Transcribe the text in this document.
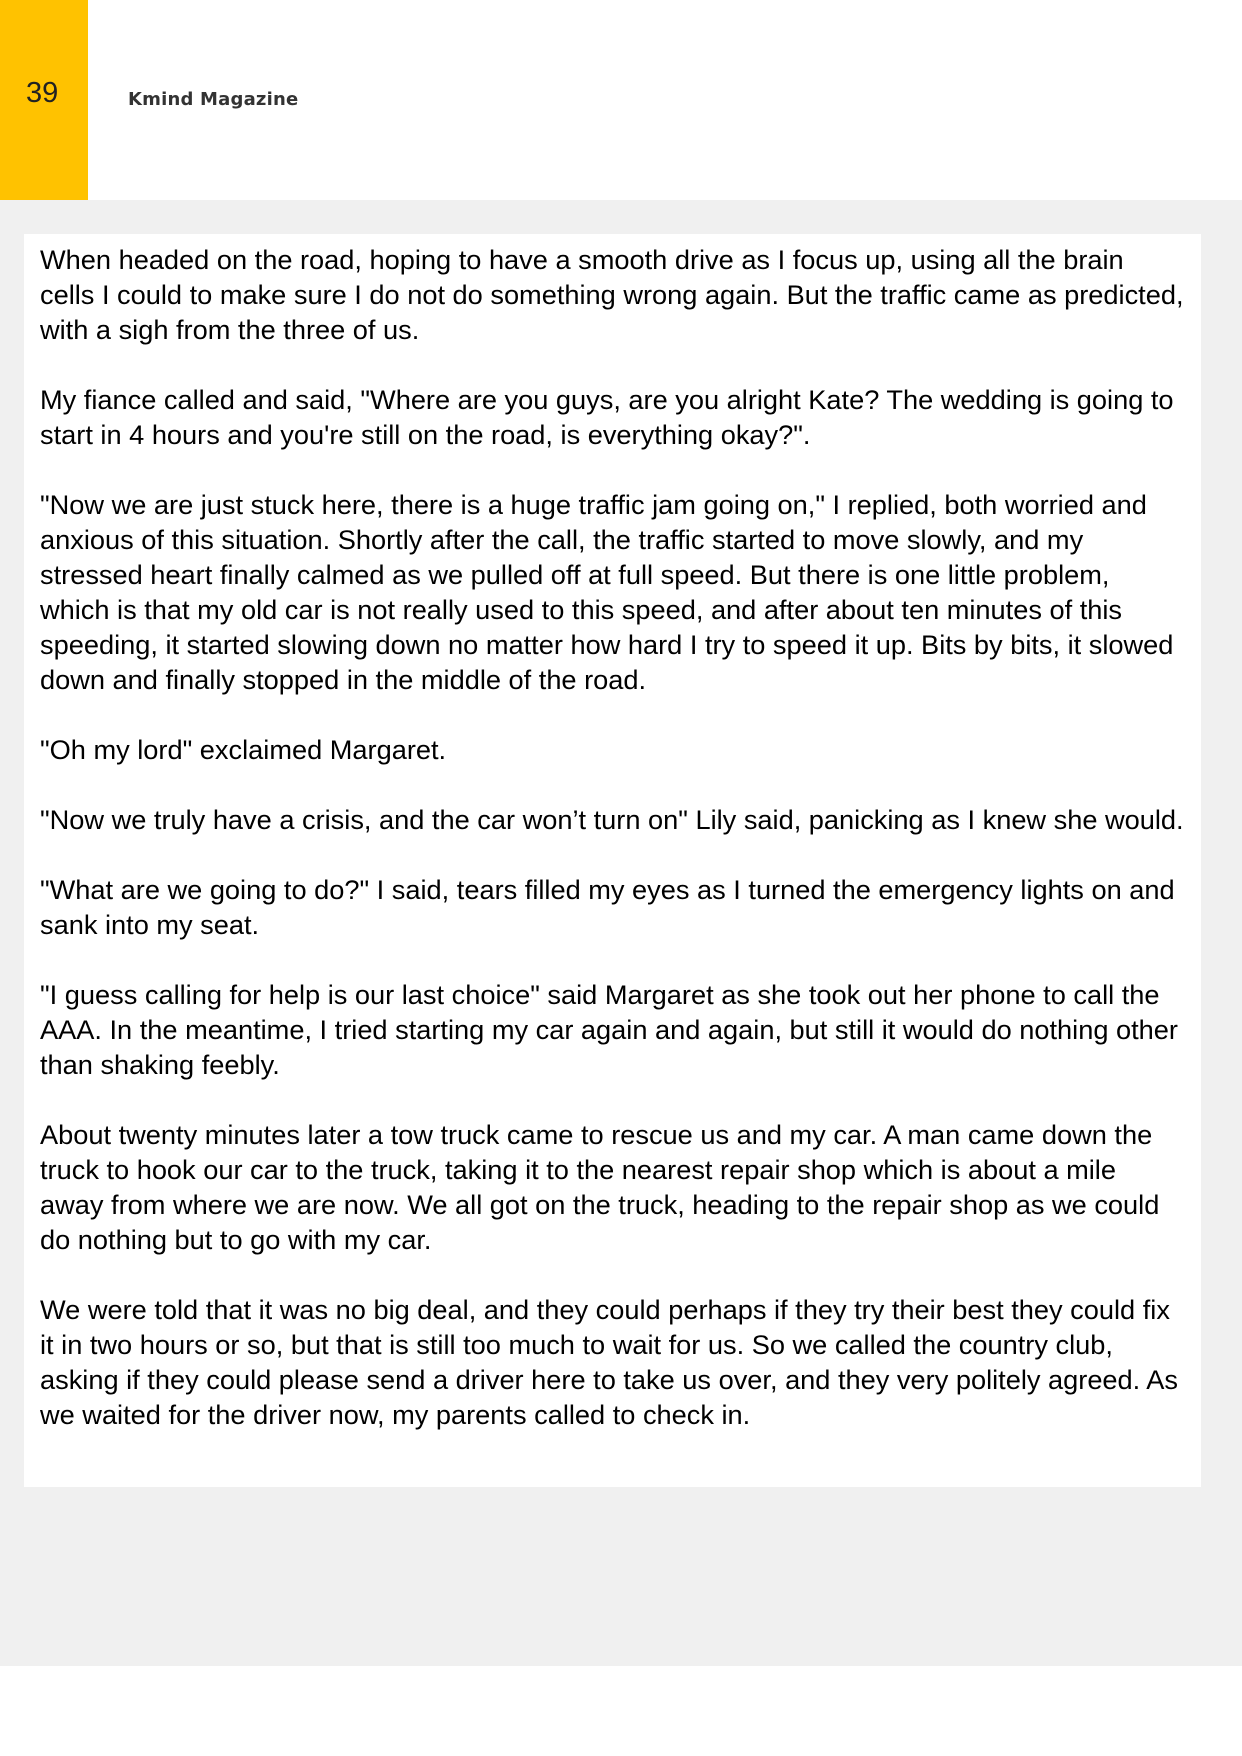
39	Kmind Magazine

When headed on the road, hoping to have a smooth drive as I focus up, using all the brain cells I could to make sure I do not do something wrong again. But the traffic came as predicted, with a sigh from the three of us.

My fiance called and said, "Where are you guys, are you alright Kate? The wedding is going to start in 4 hours and you're still on the road, is everything okay?".

"Now we are just stuck here, there is a huge traffic jam going on," I replied, both worried and anxious of this situation. Shortly after the call, the traffic started to move slowly, and my stressed heart finally calmed as we pulled off at full speed. But there is one little problem, which is that my old car is not really used to this speed, and after about ten minutes of this speeding, it started slowing down no matter how hard I try to speed it up. Bits by bits, it slowed down and finally stopped in the middle of the road.

"Oh my lord" exclaimed Margaret.

"Now we truly have a crisis, and the car won’t turn on" Lily said, panicking as I knew she would.

"What are we going to do?" I said, tears filled my eyes as I turned the emergency lights on and sank into my seat.

"I guess calling for help is our last choice" said Margaret as she took out her phone to call the AAA. In the meantime, I tried starting my car again and again, but still it would do nothing other than shaking feebly.

About twenty minutes later a tow truck came to rescue us and my car. A man came down the truck to hook our car to the truck, taking it to the nearest repair shop which is about a mile away from where we are now. We all got on the truck, heading to the repair shop as we could do nothing but to go with my car.

We were told that it was no big deal, and they could perhaps if they try their best they could fix it in two hours or so, but that is still too much to wait for us. So we called the country club, asking if they could please send a driver here to take us over, and they very politely agreed. As we waited for the driver now, my parents called to check in.
